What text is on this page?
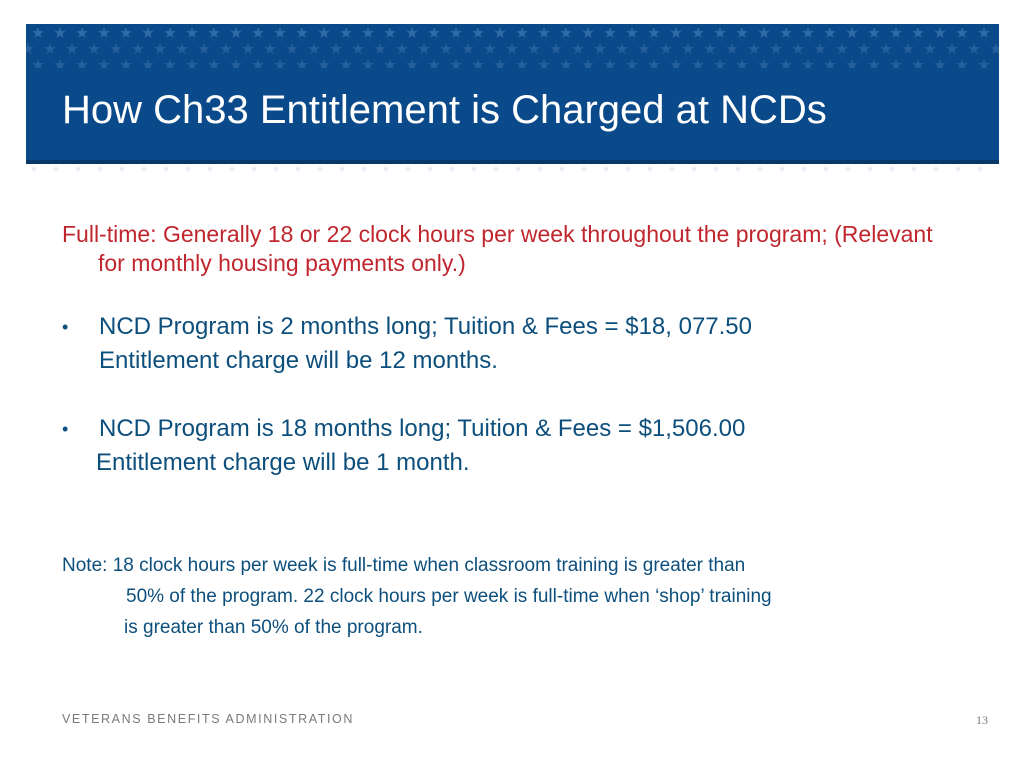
How Ch33 Entitlement is Charged at NCDs

Full-time: Generally 18 or 22 clock hours per week throughout the program; (Relevant for monthly housing payments only.)

•	NCD Program is 2 months long; Tuition & Fees = $18, 077.50
Entitlement charge will be 12 months.
•	NCD Program is 18 months long; Tuition & Fees = $1,506.00
Entitlement charge will be 1 month.
Note: 18 clock hours per week is full-time when classroom training is greater than
50% of the program. 22 clock hours per week is full-time when ‘shop’ training
is greater than 50% of the program.
VETERANS BENEFITS ADMINISTRATION	13
